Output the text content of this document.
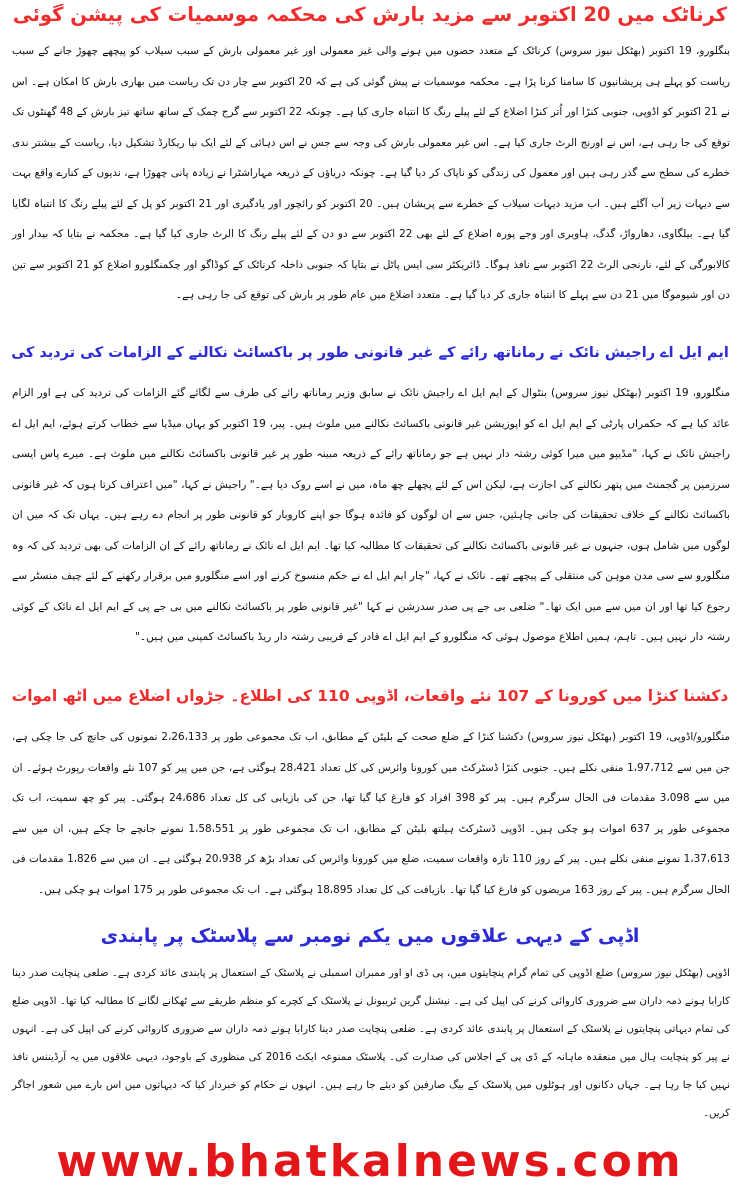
کرناٹک میں 20 اکتوبر سے مزید بارش کی محکمہ موسمیات کی پیشن گوئی

بنگلورو، 19 اکتوبر (بھٹکل نیوز سروس) کرناٹک کے متعدد حصوں میں ہونے والی غیر معمولی اور غیر معمولی بارش کے سبب سیلاب کو پیچھے چھوڑ جانے کے سبب ریاست کو پہلے ہی پریشانیوں کا سامنا کرنا پڑا ہے۔ محکمہ موسمیات نے پیش گوئی کی ہے کہ 20 اکتوبر سے چار دن تک ریاست میں بھاری بارش کا امکان ہے۔ اس نے 21 اکتوبر کو اڈوپی، جنوبی کنڑا اور اُتر کنڑا اضلاع کے لئے پیلے رنگ کا انتباہ جاری کیا ہے۔ چونکہ 22 اکتوبر سے گرج چمک کے ساتھ ساتھ تیز بارش کے 48 گھنٹوں تک توقع کی جا رہی ہے، اس نے اورنج الرٹ جاری کیا ہے۔ اس غیر معمولی بارش کی وجہ سے جس نے اس دہائی کے لئے ایک نیا ریکارڈ تشکیل دیا، ریاست کے بیشتر ندی خطرے کی سطح سے گذر رہی ہیں اور معمول کی زندگی کو ناپاک کر دیا گیا ہے۔ چونکہ دریاؤں کے ذریعہ مہاراشٹرا نے زیادہ پانی چھوڑا ہے، ندیوں کے کنارے واقع بہت سے دیہات زیر آب آگئے ہیں۔ اب مزید دیہات سیلاب کے خطرے سے پریشان ہیں۔ 20 اکتوبر کو رائچور اور یادگیری اور 21 اکتوبر کو پل کے لئے پیلے رنگ کا انتباہ لگایا گیا ہے۔ بیلگاوی، دھارواڑ، گدگ، ہاویری اور وجے پورہ اضلاع کے لئے بھی 22 اکتوبر سے دو دن کے لئے پیلے رنگ کا الرٹ جاری کیا گیا ہے۔ محکمہ نے بتایا کہ بیدار اور کالابورگی کے لئے، نارنجی الرٹ 22 اکتوبر سے نافذ ہوگا۔ ڈائریکٹر سی ایس پاٹل نے بتایا کہ جنوبی داخلہ کرناٹک کے کوڈاگو اور چکمنگلورو اضلاع کو 21 اکتوبر سے تین دن اور شیوموگا میں 21 دن سے پہلے کا انتباہ جاری کر دیا گیا ہے۔ متعدد اضلاع میں عام طور پر بارش کی توقع کی جا رہی ہے۔

ایم ایل اے راجیش نائک نے رماناتھ رائے کے غیر قانونی طور پر باکسائٹ نکالنے کے الزامات کی تردید کی

منگلورو، 19 اکتوبر (بھٹکل نیوز سروس) بنٹوال کے ایم ایل اے راجیش نائک نے سابق وزیر رماناتھ رائے کی طرف سے لگائے گئے الزامات کی تردید کی ہے اور الزام عائد کیا ہے کہ حکمراں پارٹی کے ایم ایل اے کو اپوزیشن غیر قانونی باکسائٹ نکالنے میں ملوث ہیں۔ پیر، 19 اکتوبر کو یہاں میڈیا سے خطاب کرتے ہوئے، ایم ایل اے راجیش نائک نے کہا، "مڈیپو میں میرا کوئی رشتہ دار نہیں ہے جو رماناتھ رائے کے ذریعہ مبینہ طور پر غیر قانونی باکسائٹ نکالنے میں ملوث ہے۔ میرے پاس ایسی سرزمین پر گجمنٹ میں پتھر نکالنے کی اجازت ہے، لیکن اس کے لئے پچھلے چھ ماہ، میں نے اسے روک دیا ہے۔" راجیش نے کہا، "میں اعتراف کرتا ہوں کہ غیر قانونی باکسائٹ نکالنے کے خلاف تحقیقات کی جانی چاہئیں، جس سے ان لوگوں کو فائدہ ہوگا جو اپنے کاروبار کو قانونی طور پر انجام دے رہے ہیں۔ یہاں تک کہ میں ان لوگوں میں شامل ہوں، جنہوں نے غیر قانونی باکسائٹ نکالنے کی تحقیقات کا مطالبہ کیا تھا۔ ایم ایل اے نائک نے رماناتھ رائے کے ان الزامات کی بھی تردید کی کہ وہ منگلورو سے سی مدن موہن کی منتقلی کے پیچھے تھے۔ نائک نے کہا، "چار ایم ایل اے نے حکم منسوخ کرنے اور اسے منگلورو میں برقرار رکھنے کے لئے چیف منسٹر سے رجوع کیا تھا اور ان میں سے میں ایک تھا۔" ضلعی بی جے پی صدر سدرشن نے کہا "غیر قانونی طور پر باکسائٹ نکالنے میں بی جے پی کے ایم ایل اے نائک کے کوئی رشتہ دار نہیں ہیں۔ تاہم، ہمیں اطلاع موصول ہوئی کہ منگلورو کے ایم ایل اے قادر کے قریبی رشتہ دار ریڈ باکسائٹ کمپنی میں ہیں۔"

دکشنا کنڑا میں کورونا کے 107 نئے واقعات، اڈوپی 110 کی اطلاع۔ جڑواں اضلاع میں آٹھ اموات

منگلورو/اڈوپی، 19 اکتوبر (بھٹکل نیوز سروس) دکشنا کنڑا کے ضلع صحت کے بلیٹن کے مطابق، اب تک مجموعی طور پر 2،26،133 نمونوں کی جانچ کی جا چکی ہے، جن میں سے 1،97،712 منفی نکلے ہیں۔ جنوبی کنڑا ڈسٹرکٹ میں کورونا وائرس کی کل تعداد 28،421 ہوگئی ہے، جن میں پیر کو 107 نئے واقعات رپورٹ ہوئے۔ ان میں سے 3،098 مقدمات فی الحال سرگرم ہیں۔ پیر کو 398 افراد کو فارغ کیا گیا تھا، جن کی بازیابی کی کل تعداد 24،686 ہوگئی۔ پیر کو چھ سمیت، اب تک مجموعی طور پر 637 اموات ہو چکی ہیں۔ اڈوپی ڈسٹرکٹ ہیلتھ بلیٹن کے مطابق، اب تک مجموعی طور پر 1،58،551 نمونے جانچے جا چکے ہیں، ان میں سے 1،37،613 نمونے منفی نکلے ہیں۔ پیر کے روز 110 تازہ واقعات سمیت، ضلع میں کورونا وائرس کی تعداد بڑھ کر 20،938 ہوگئی ہے۔ ان میں سے 1،826 مقدمات فی الحال سرگرم ہیں۔ پیر کے روز 163 مریضوں کو فارغ کیا گیا تھا۔ بازیافت کی کل تعداد 18،895 ہوگئی ہے۔ اب تک مجموعی طور پر 175 اموات ہو چکی ہیں۔

اڈپی کے دیہی علاقوں میں یکم نومبر سے پلاسٹک پر پابندی

اڈوپی (بھٹکل نیوز سروس) ضلع اڈوپی کی تمام گرام پنچایتوں میں، پی ڈی او اور ممبران اسمبلی نے پلاسٹک کے استعمال پر پابندی عائد کردی ہے۔ ضلعی پنچایت صدر دینا کارابا ہونے ذمہ داران سے ضروری کاروائی کرنے کی اپیل کی ہے۔ نیشنل گرین ٹریبونل نے پلاسٹک کے کچرے کو منظم طریقے سے ٹھکانے لگانے کا مطالبہ کیا تھا۔ اڈوپی ضلع کی تمام دیہاتی پنچایتوں نے پلاسٹک کے استعمال پر پابندی عائد کردی ہے۔ ضلعی پنچایت صدر دینا کارابا ہونے ذمہ داران سے ضروری کاروائی کرنے کی اپیل کی ہے۔ انہوں نے پیر کو پنچایت ہال میں منعقدہ ماہانہ کے ڈی پی کے اجلاس کی صدارت کی۔ پلاسٹک ممنوعہ ایکٹ 2016 کی منظوری کے باوجود، دیہی علاقوں میں یہ آرڈیننس نافذ نہیں کیا جا رہا ہے۔ جہاں دکانوں اور ہوٹلوں میں پلاسٹک کے بیگ صارفین کو دیئے جا رہے ہیں۔ انہوں نے حکام کو خبردار کیا کہ دیہاتوں میں اس بارے میں شعور اجاگر کریں۔

www.bhatkalnews.com
